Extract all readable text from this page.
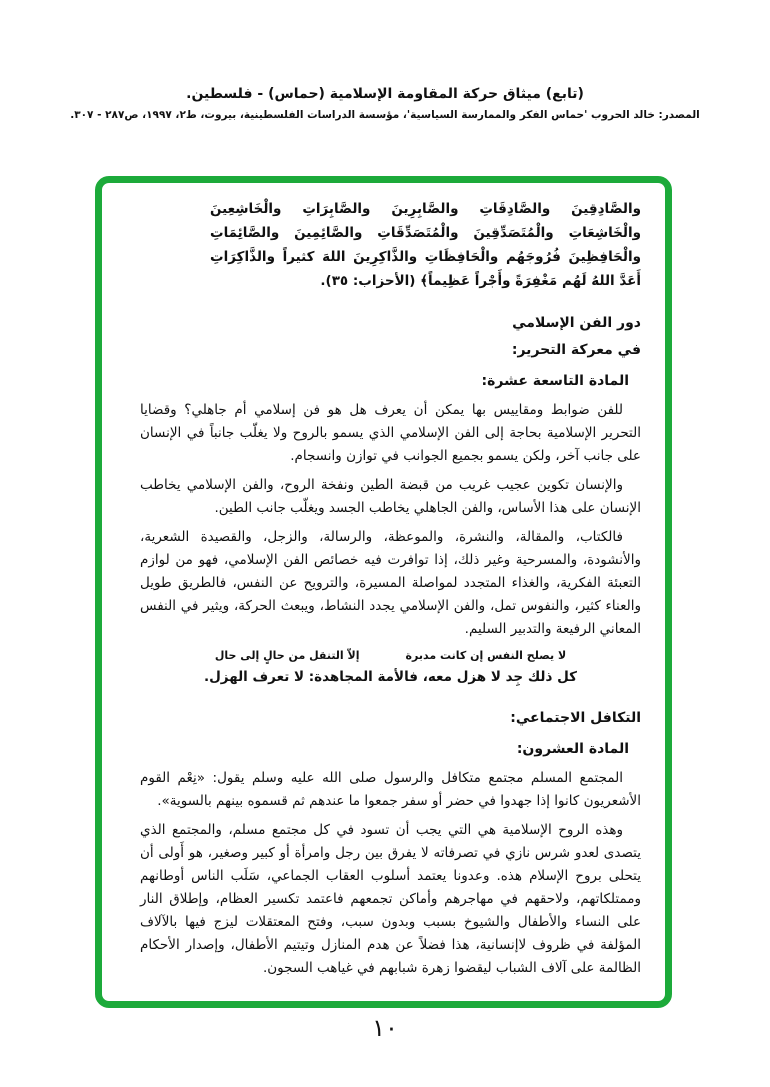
(تابع) ميثاق حركة المقاومة الإسلامية (حماس) - فلسطين.
المصدر: خالد الحروب 'حماس الفكر والممارسة السياسية'، مؤسسة الدراسات الفلسطينية، بيروت، ط٢، ١٩٩٧، ص٢٨٧ - ٣٠٧.

والصَّادِقِينَ والصَّادِقَاتِ والصَّابِرِينَ والصَّابِرَاتِ والْخَاشِعِينَ والْخَاشِعَاتِ والْمُتَصَدِّقِينَ والْمُتَصَدِّقَاتِ والصَّائِمِينَ والصَّائِمَاتِ والْحَافِظِينَ فُرُوجَهُم والْحَافِظَاتِ والذَّاكِرِينَ اللهَ كثيراً والذَّاكِرَاتِ أَعَدَّ اللهُ لَهُم مَغْفِرَةً وأَجْراً عَظِيماً﴾ (الأحزاب: ٣٥).

دور الفن الإسلامي
في معركة التحرير:
المادة التاسعة عشرة:

للفن ضوابط ومقاييس بها يمكن أن يعرف هل هو فن إسلامي أم جاهلي؟ وقضايا التحرير الإسلامية بحاجة إلى الفن الإسلامي الذي يسمو بالروح ولا يغلّب جانباً في الإنسان على جانب آخر، ولكن يسمو بجميع الجوانب في توازن وانسجام.

والإنسان تكوين عجيب غريب من قبضة الطين ونفخة الروح، والفن الإسلامي يخاطب الإنسان على هذا الأساس، والفن الجاهلي يخاطب الجسد ويغلّب جانب الطين.

فالكتاب، والمقالة، والنشرة، والموعظة، والرسالة، والزجل، والقصيدة الشعرية، والأنشودة، والمسرحية وغير ذلك، إذا توافرت فيه خصائص الفن الإسلامي، فهو من لوازم التعبئة الفكرية، والغذاء المتجدد لمواصلة المسيرة، والترويح عن النفس، فالطريق طويل والعناء كثير، والنفوس تمل، والفن الإسلامي يجدد النشاط، ويبعث الحركة، ويثير في النفس المعاني الرفيعة والتدبير السليم.

لا يصلح النفس إن كانت مدبرة
إلاّ التنقل من حالٍ إلى حال
كل ذلك جِد لا هزل معه، فالأمة المجاهدة: لا تعرف الهزل.
التكافل الاجتماعي:
المادة العشرون:

المجتمع المسلم مجتمع متكافل والرسول صلى الله عليه وسلم يقول: «نِعْم القوم الأشعريون كانوا إذا جهدوا في حضر أو سفر جمعوا ما عندهم ثم قسموه بينهم بالسوية».

وهذه الروح الإسلامية هي التي يجب أن تسود في كل مجتمع مسلم، والمجتمع الذي يتصدى لعدو شرس نازي في تصرفاته لا يفرق بين رجل وامرأة أو كبير وصغير، هو أَولى أن يتحلى بروح الإسلام هذه. وعدونا يعتمد أسلوب العقاب الجماعي، سَلَب الناس أوطانهم وممتلكاتهم، ولاحقهم في مهاجرهم وأماكن تجمعهم فاعتمد تكسير العظام، وإطلاق النار على النساء والأطفال والشيوخ بسبب وبدون سبب، وفتح المعتقلات ليزج فيها بالآلاف المؤلفة في ظروف لاإنسانية، هذا فضلاً عن هدم المنازل وتيتيم الأطفال، وإصدار الأحكام الظالمة على آلاف الشباب ليقضوا زهرة شبابهم في غياهب السجون.

١٠
